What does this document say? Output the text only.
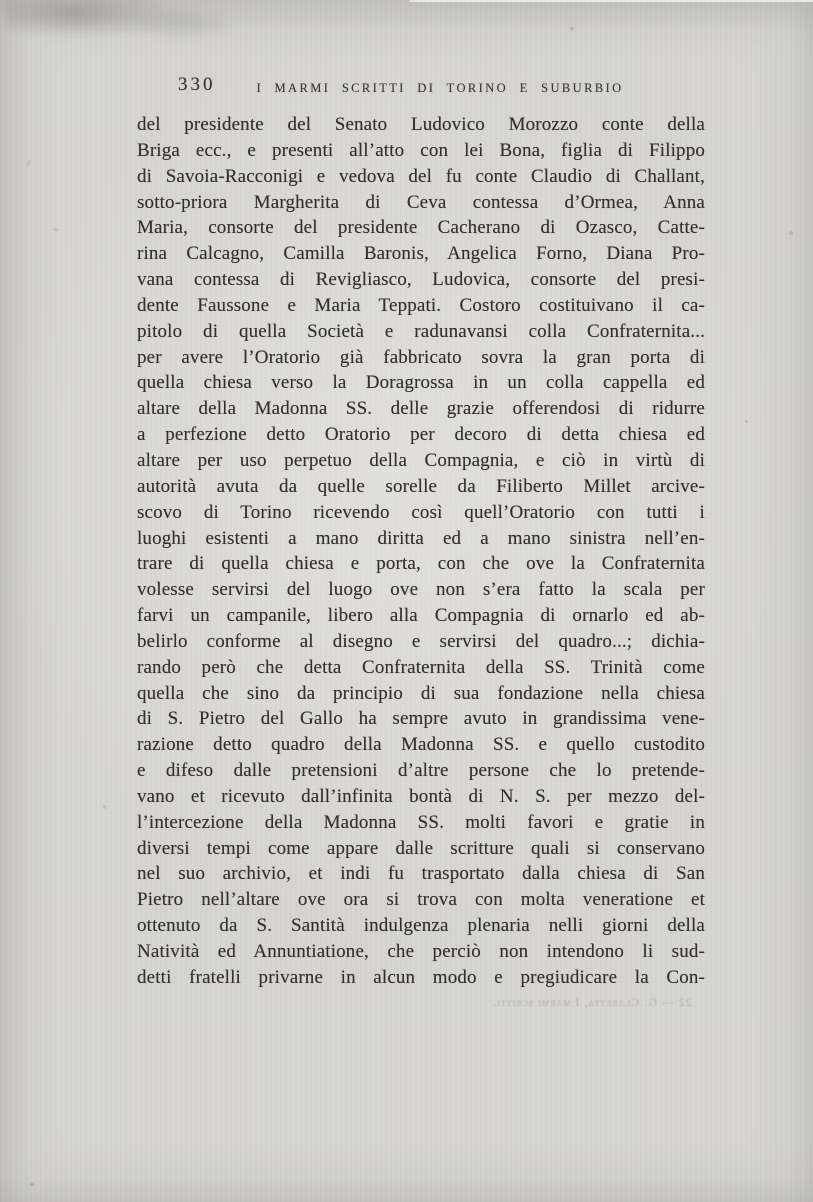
330	I MARMI SCRITTI DI TORINO E SUBURBIO
del presidente del Senato Ludovico Morozzo conte della
Briga ecc., e presenti all’atto con lei Bona, figlia di Filippo
di Savoia-Racconigi e vedova del fu conte Claudio di Challant,
sotto-priora Margherita di Ceva contessa d’Ormea, Anna
Maria, consorte del presidente Cacherano di Ozasco, Catte-
rina Calcagno, Camilla Baronis, Angelica Forno, Diana Pro-
vana contessa di Revigliasco, Ludovica, consorte del presi-
dente Faussone e Maria Teppati. Costoro costituivano il ca-
pitolo di quella Società e radunavansi colla Confraternita...
per avere l’Oratorio già fabbricato sovra la gran porta di
quella chiesa verso la Doragrossa in un colla cappella ed
altare della Madonna SS. delle grazie offerendosi di ridurre
a perfezione detto Oratorio per decoro di detta chiesa ed
altare per uso perpetuo della Compagnia, e ciò in virtù di
autorità avuta da quelle sorelle da Filiberto Millet arcive-
scovo di Torino ricevendo così quell’Oratorio con tutti i
luoghi esistenti a mano diritta ed a mano sinistra nell’en-
trare di quella chiesa e porta, con che ove la Confraternita
volesse servirsi del luogo ove non s’era fatto la scala per
farvi un campanile, libero alla Compagnia di ornarlo ed ab-
belirlo conforme al disegno e servirsi del quadro...; dichia-
rando però che detta Confraternita della SS. Trinità come
quella che sino da principio di sua fondazione nella chiesa
di S. Pietro del Gallo ha sempre avuto in grandissima vene-
razione detto quadro della Madonna SS. e quello custodito
e difeso dalle pretensioni d’altre persone che lo pretende-
vano et ricevuto dall’infinita bontà di N. S. per mezzo del-
l’intercezione della Madonna SS. molti favori e gratie in
diversi tempi come appare dalle scritture quali si conservano
nel suo archivio, et indi fu trasportato dalla chiesa di San
Pietro nell’altare ove ora si trova con molta veneratione et
ottenuto da S. Santità indulgenza plenaria nelli giorni della
Natività ed Annuntiatione, che perciò non intendono li sud-
detti fratelli privarne in alcun modo e pregiudicare la Con-
22 — G. Claretta, I marmi scritti.
